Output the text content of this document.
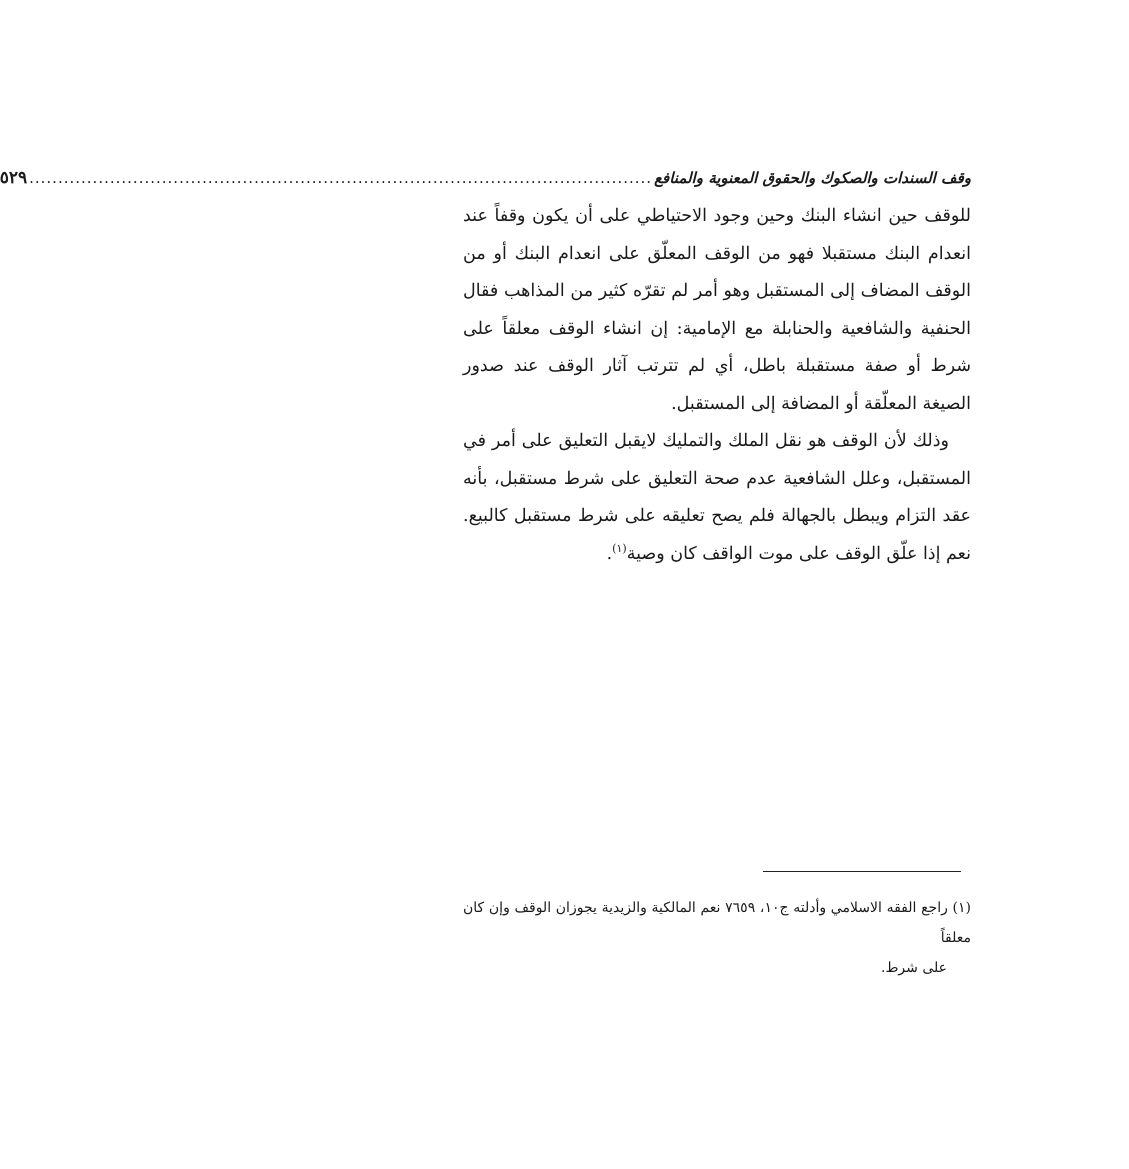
وقف السندات والصكوك والحقوق المعنوية والمنافع
............................................................................................................
٥٢٩

للوقف حين انشاء البنك وحين وجود الاحتياطي على أن يكون وقفاً عند انعدام البنك مستقبلا فهو من الوقف المعلّق على انعدام البنك أو من الوقف المضاف إلى المستقبل وهو أمر لم تقرّه كثير من المذاهب فقال الحنفية والشافعية والحنابلة مع الإمامية: إن انشاء الوقف معلقاً على شرط أو صفة مستقبلة باطل، أي لم تترتب آثار الوقف عند صدور الصيغة المعلّقة أو المضافة إلى المستقبل.

وذلك لأن الوقف هو نقل الملك والتمليك لايقبل التعليق على أمر في المستقبل، وعلل الشافعية عدم صحة التعليق على شرط مستقبل، بأنه عقد التزام ويبطل بالجهالة فلم يصح تعليقه على شرط مستقبل كالبيع. نعم إذا علّق الوقف على موت الواقف كان وصية$^{(١)}$.

(١) راجع الفقه الاسلامي وأدلته ج١٠، ٧٦٥٩ نعم المالكية والزيدية يجوزان الوقف وإن كان معلقاً
على شرط.
